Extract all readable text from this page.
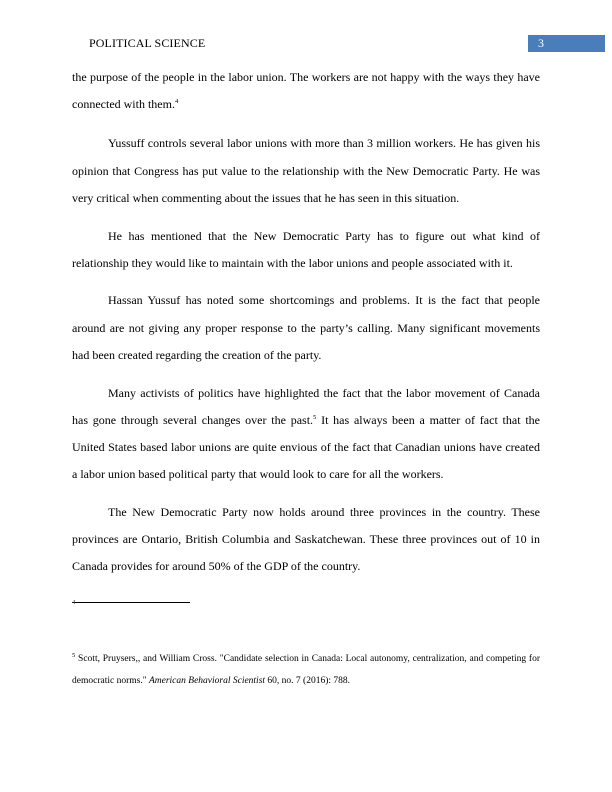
POLITICAL SCIENCE	3

the purpose of the people in the labor union. The workers are not happy with the ways they have connected with them.$^4$

Yussuff controls several labor unions with more than 3 million workers. He has given his opinion that Congress has put value to the relationship with the New Democratic Party. He was very critical when commenting about the issues that he has seen in this situation.

He has mentioned that the New Democratic Party has to figure out what kind of relationship they would like to maintain with the labor unions and people associated with it.

Hassan Yussuf has noted some shortcomings and problems. It is the fact that people around are not giving any proper response to the party’s calling. Many significant movements had been created regarding the creation of the party.

Many activists of politics have highlighted the fact that the labor movement of Canada has gone through several changes over the past.$^5$ It has always been a matter of fact that the United States based labor unions are quite envious of the fact that Canadian unions have created a labor union based political party that would look to care for all the workers.

The New Democratic Party now holds around three provinces in the country. These provinces are Ontario, British Columbia and Saskatchewan. These three provinces out of 10 in Canada provides for around 50% of the GDP of the country.

$^4$
$^5$ Scott, Pruysers,, and William Cross. "Candidate selection in Canada: Local autonomy, centralization, and competing for democratic norms." American Behavioral Scientist 60, no. 7 (2016): 788.
